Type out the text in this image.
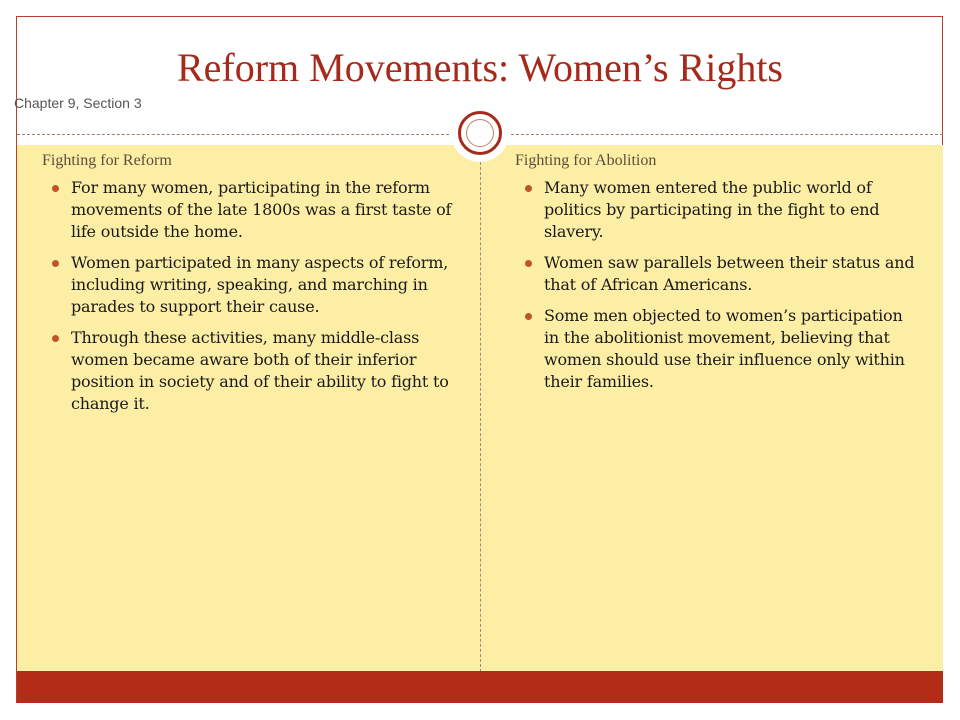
Reform Movements: Women’s Rights
Chapter 9, Section 3
Fighting for Reform
For many women, participating in the reform movements of the late 1800s was a first taste of life outside the home.
Women participated in many aspects of reform, including writing, speaking, and marching in parades to support their cause.
Through these activities, many middle-class women became aware both of their inferior position in society and of their ability to fight to change it.
Fighting for Abolition
Many women entered the public world of politics by participating in the fight to end slavery.
Women saw parallels between their status and that of African Americans.
Some men objected to women’s participation in the abolitionist movement, believing that women should use their influence only within their families.
